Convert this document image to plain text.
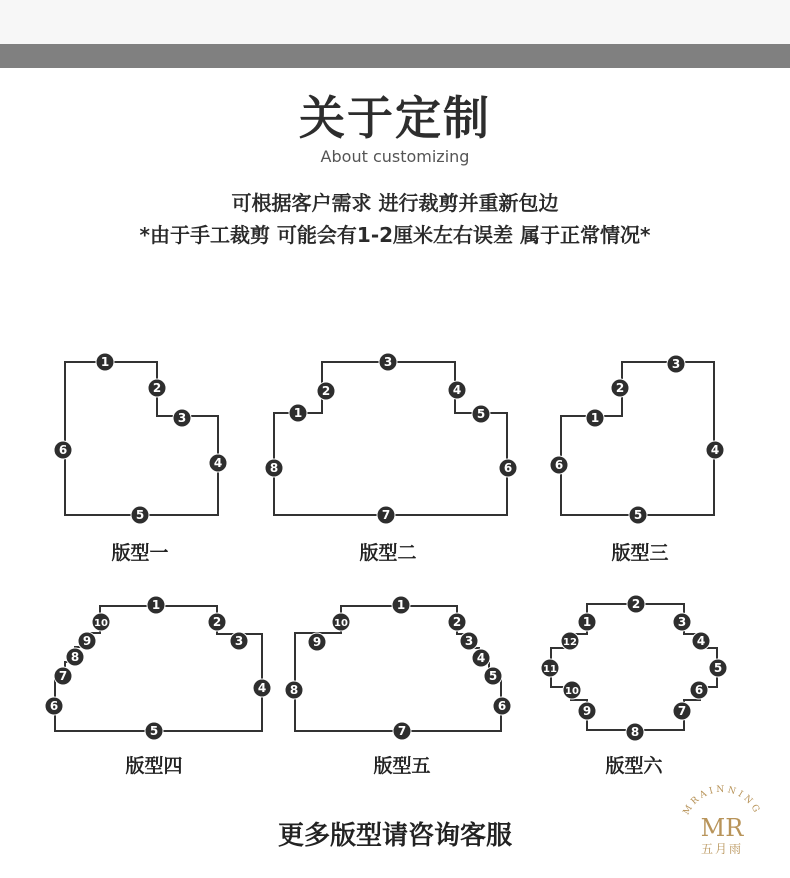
关于定制
About customizing
可根据客户需求 进行裁剪并重新包边
*由于手工裁剪 可能会有1-2厘米左右误差 属于正常情况*
1
2
3
4
5
6
1
2
3
4
5
6
7
8
1
2
3
4
5
6
1
2
3
4
5
6
7
8
9
10
1
2
3
4
5
6
7
8
9
10	1
2
3
4
5
6
7
8
9
10
11
12
版型一	版型二	版型三
版型四	版型五	版型六
更多版型请咨询客服
MRAINNING
MR
五月雨
